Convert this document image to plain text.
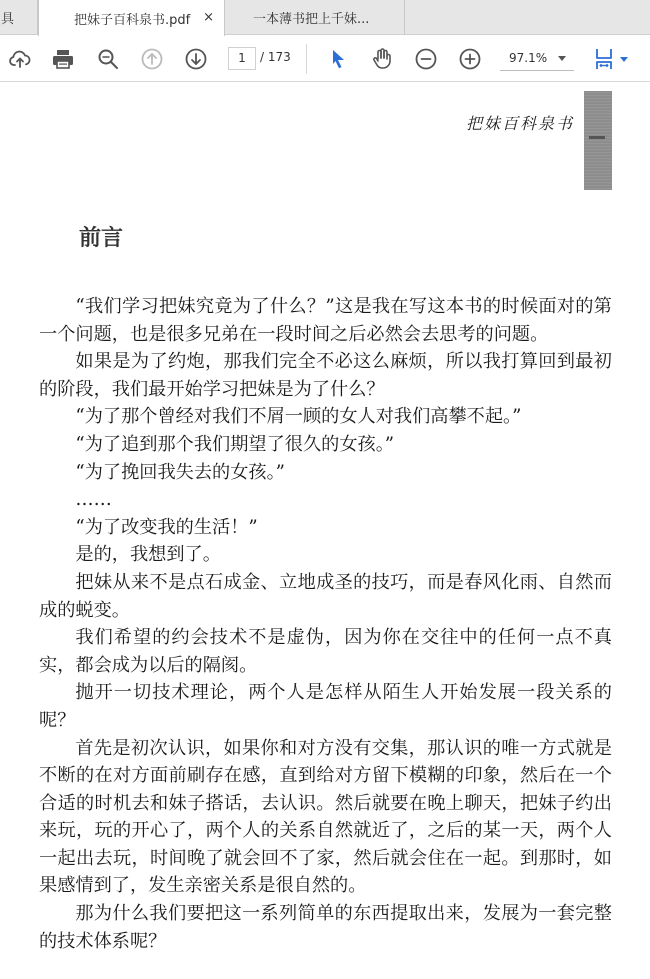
具	把妹子百科泉书.pdf ×	一本薄书把上千妹...
1	/ 173	97.1%
把妹百科泉书
前言

“我们学习把妹究竟为了什么？”这是我在写这本书的时候面对的第一个问题，也是很多兄弟在一段时间之后必然会去思考的问题。

如果是为了约炮，那我们完全不必这么麻烦，所以我打算回到最初的阶段，我们最开始学习把妹是为了什么？

“为了那个曾经对我们不屑一顾的女人对我们高攀不起。”

“为了追到那个我们期望了很久的女孩。”

“为了挽回我失去的女孩。”

……

“为了改变我的生活！”

是的，我想到了。

把妹从来不是点石成金、立地成圣的技巧，而是春风化雨、自然而成的蜕变。

我们希望的约会技术不是虚伪，因为你在交往中的任何一点不真实，都会成为以后的隔阂。

抛开一切技术理论，两个人是怎样从陌生人开始发展一段关系的呢？

首先是初次认识，如果你和对方没有交集，那认识的唯一方式就是不断的在对方面前刷存在感，直到给对方留下模糊的印象，然后在一个合适的时机去和妹子搭话，去认识。然后就要在晚上聊天，把妹子约出来玩，玩的开心了，两个人的关系自然就近了，之后的某一天，两个人一起出去玩，时间晚了就会回不了家，然后就会住在一起。到那时，如果感情到了，发生亲密关系是很自然的。

那为什么我们要把这一系列简单的东西提取出来，发展为一套完整的技术体系呢？
